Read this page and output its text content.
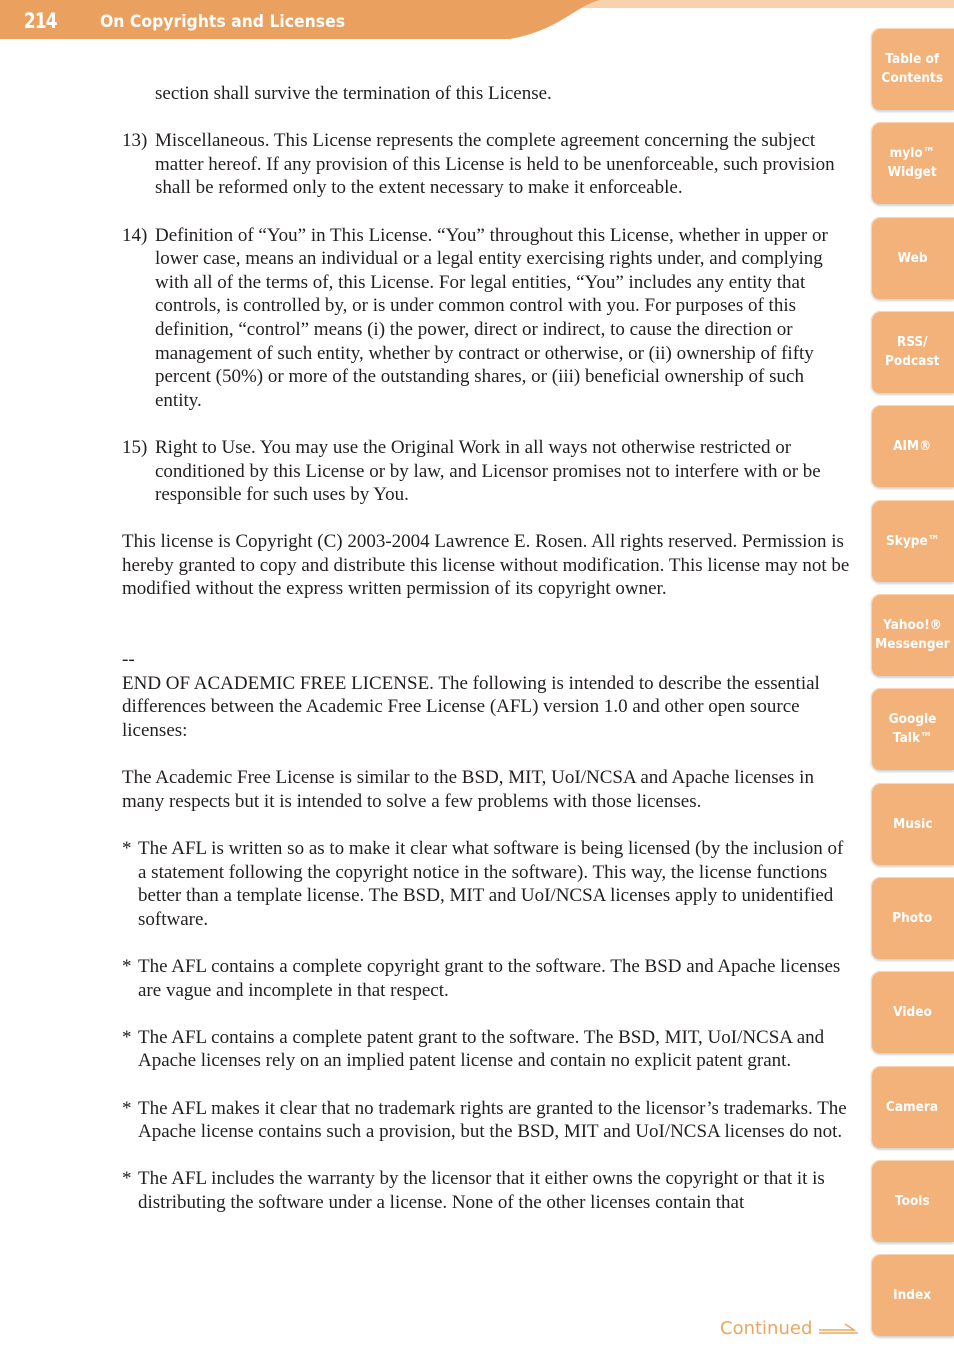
214	On Copyrights and Licenses

section shall survive the termination of this License.

13) Miscellaneous. This License represents the complete agreement concerning the subject matter hereof. If any provision of this License is held to be unenforceable, such provision shall be reformed only to the extent necessary to make it enforceable.
14) Definition of “You” in This License. “You” throughout this License, whether in upper or lower case, means an individual or a legal entity exercising rights under, and complying with all of the terms of, this License. For legal entities, “You” includes any entity that controls, is controlled by, or is under common control with you. For purposes of this definition, “control” means (i) the power, direct or indirect, to cause the direction or management of such entity, whether by contract or otherwise, or (ii) ownership of fifty percent (50%) or more of the outstanding shares, or (iii) beneficial ownership of such entity.
15) Right to Use. You may use the Original Work in all ways not otherwise restricted or conditioned by this License or by law, and Licensor promises not to interfere with or be responsible for such uses by You.

This license is Copyright (C) 2003-2004 Lawrence E. Rosen. All rights reserved. Permission is hereby granted to copy and distribute this license without modification. This license may not be modified without the express written permission of its copyright owner.

--

END OF ACADEMIC FREE LICENSE. The following is intended to describe the essential differences between the Academic Free License (AFL) version 1.0 and other open source licenses:

The Academic Free License is similar to the BSD, MIT, UoI/NCSA and Apache licenses in many respects but it is intended to solve a few problems with those licenses.

* The AFL is written so as to make it clear what software is being licensed (by the inclusion of a statement following the copyright notice in the software). This way, the license functions better than a template license. The BSD, MIT and UoI/NCSA licenses apply to unidentified software.
* The AFL contains a complete copyright grant to the software. The BSD and Apache licenses are vague and incomplete in that respect.
* The AFL contains a complete patent grant to the software. The BSD, MIT, UoI/NCSA and Apache licenses rely on an implied patent license and contain no explicit patent grant.
* The AFL makes it clear that no trademark rights are granted to the licensor’s trademarks. The Apache license contains such a provision, but the BSD, MIT and UoI/NCSA licenses do not.
* The AFL includes the warranty by the licensor that it either owns the copyright or that it is distributing the software under a license. None of the other licenses contain that
Table of
Contents
mylo™
Widget
Web
RSS/
Podcast
AIM®
Skype™
Yahoo!®
Messenger
Google
Talk™
Music
Photo
Video
Camera
Tools
Index
Continued
